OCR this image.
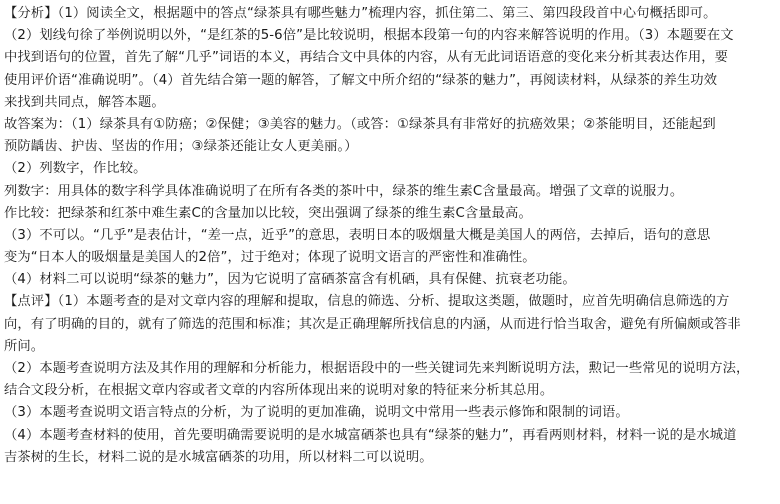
【分析】（1）阅读全文，根据题中的答点“绿茶具有哪些魅力”梳理内容，抓住第二、第三、第四段段首中心句概括即可。
（2）划线句徐了举例说明以外，“是红茶的5-6倍”是比较说明，根据本段第一句的内容来解答说明的作用。（3）本题要在文
中找到语句的位置，首先了解“几乎”词语的本义，再结合文中具体的内容，从有无此词语语意的变化来分析其表达作用，要
使用评价语“准确说明”。（4）首先结合第一题的解答，了解文中所介绍的“绿茶的魅力”，再阅读材料，从绿茶的养生功效
来找到共同点，解答本题。
故答案为：（1）绿茶具有①防癌；②保健；③美容的魅力。（或答：①绿茶具有非常好的抗癌效果；②茶能明目，还能起到
预防龋齿、护齿、坚齿的作用；③绿茶还能让女人更美丽。）
（2）列数字，作比较。
列数字：用具体的数字科学具体准确说明了在所有各类的茶叶中，绿茶的维生素C含量最高。增强了文章的说服力。
作比较：把绿茶和红茶中难生素C的含量加以比较，突出强调了绿茶的维生素C含量最高。
（3）不可以。“几乎”是表估计，“差一点，近乎”的意思，表明日本的吸烟量大概是美国人的两倍，去掉后，语句的意思
变为“日本人的吸烟量是美国人的2倍”，过于绝对；体现了说明文语言的严密性和准确性。
（4）材料二可以说明“绿茶的魅力”，因为它说明了富硒茶富含有机硒，具有保健、抗衰老功能。
【点评】（1）本题考查的是对文章内容的理解和提取，信息的筛选、分析、提取这类题，做题时，应首先明确信息筛选的方
向，有了明确的目的，就有了筛选的范围和标准；其次是正确理解所找信息的内涵，从而进行恰当取舍，避免有所偏颇或答非
所问。
（2）本题考查说明方法及其作用的理解和分析能力，根据语段中的一些关键词先来判断说明方法，勲记一些常见的说明方法，
结合文段分析，在根据文章内容或者文章的内容所体现出来的说明对象的特征来分析其总用。
（3）本题考查说明文语言特点的分析，为了说明的更加准确，说明文中常用一些表示修饰和限制的词语。
（4）本题考查材料的使用，首先要明确需要说明的是水城富硒茶也具有“绿茶的魅力”，再看两则材料，材料一说的是水城道
吉茶树的生长，材料二说的是水城富硒茶的功用，所以材料二可以说明。
